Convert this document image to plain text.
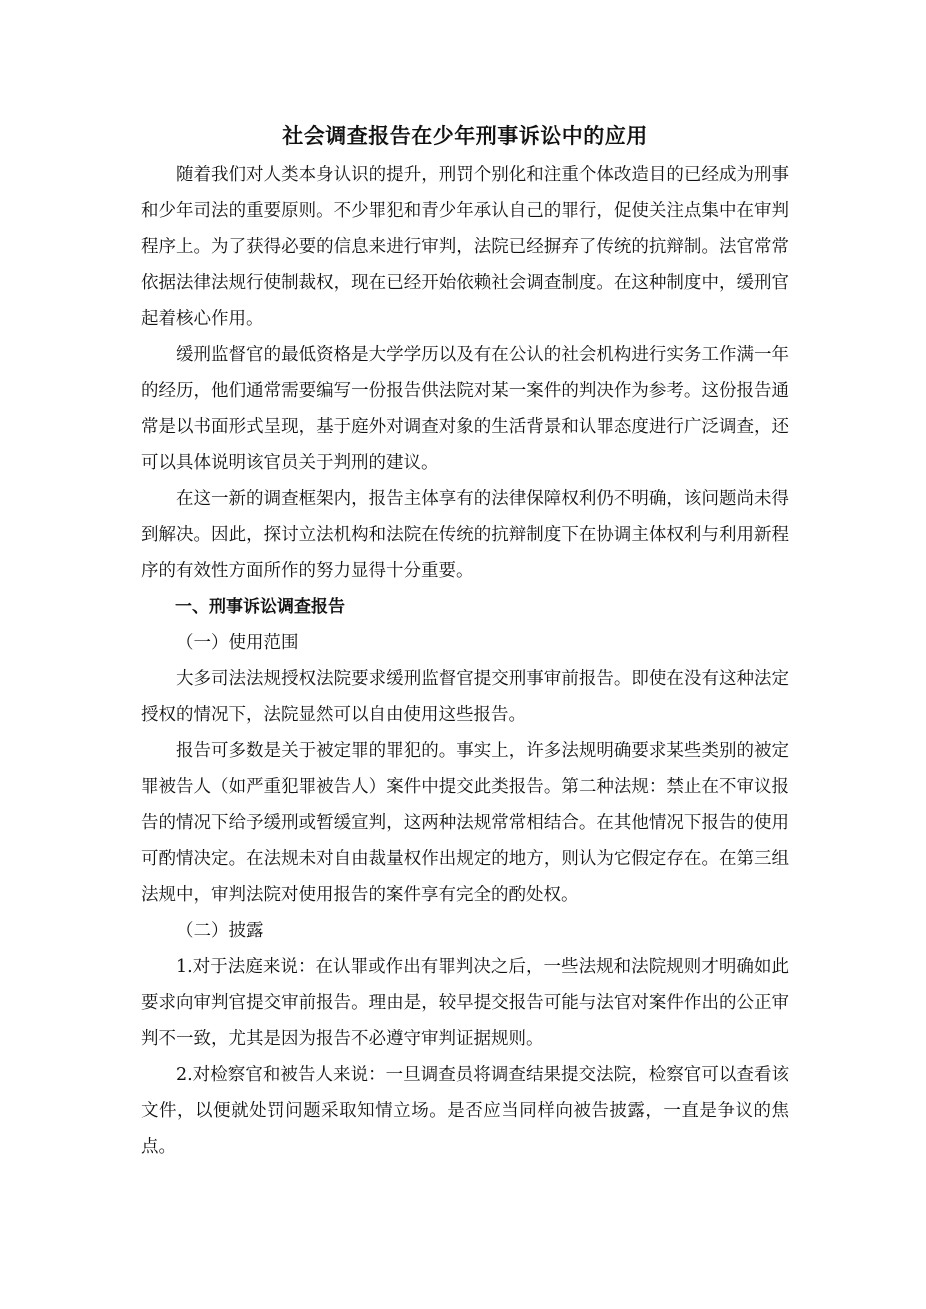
社会调查报告在少年刑事诉讼中的应用

随着我们对人类本身认识的提升，刑罚个别化和注重个体改造目的已经成为刑事和少年司法的重要原则。不少罪犯和青少年承认自己的罪行，促使关注点集中在审判程序上。为了获得必要的信息来进行审判，法院已经摒弃了传统的抗辩制。法官常常依据法律法规行使制裁权，现在已经开始依赖社会调查制度。在这种制度中，缓刑官起着核心作用。

缓刑监督官的最低资格是大学学历以及有在公认的社会机构进行实务工作满一年的经历，他们通常需要编写一份报告供法院对某一案件的判决作为参考。这份报告通常是以书面形式呈现，基于庭外对调查对象的生活背景和认罪态度进行广泛调查，还可以具体说明该官员关于判刑的建议。

在这一新的调查框架内，报告主体享有的法律保障权利仍不明确，该问题尚未得到解决。因此，探讨立法机构和法院在传统的抗辩制度下在协调主体权利与利用新程序的有效性方面所作的努力显得十分重要。

一、刑事诉讼调查报告

（一）使用范围

大多司法法规授权法院要求缓刑监督官提交刑事审前报告。即使在没有这种法定授权的情况下，法院显然可以自由使用这些报告。

报告可多数是关于被定罪的罪犯的。事实上，许多法规明确要求某些类别的被定罪被告人（如严重犯罪被告人）案件中提交此类报告。第二种法规：禁止在不审议报告的情况下给予缓刑或暂缓宣判，这两种法规常常相结合。在其他情况下报告的使用可酌情决定。在法规未对自由裁量权作出规定的地方，则认为它假定存在。在第三组法规中，审判法院对使用报告的案件享有完全的酌处权。

（二）披露

1.对于法庭来说：在认罪或作出有罪判决之后，一些法规和法院规则才明确如此要求向审判官提交审前报告。理由是，较早提交报告可能与法官对案件作出的公正审判不一致，尤其是因为报告不必遵守审判证据规则。

2.对检察官和被告人来说：一旦调查员将调查结果提交法院，检察官可以查看该文件，以便就处罚问题采取知情立场。是否应当同样向被告披露，一直是争议的焦点。
